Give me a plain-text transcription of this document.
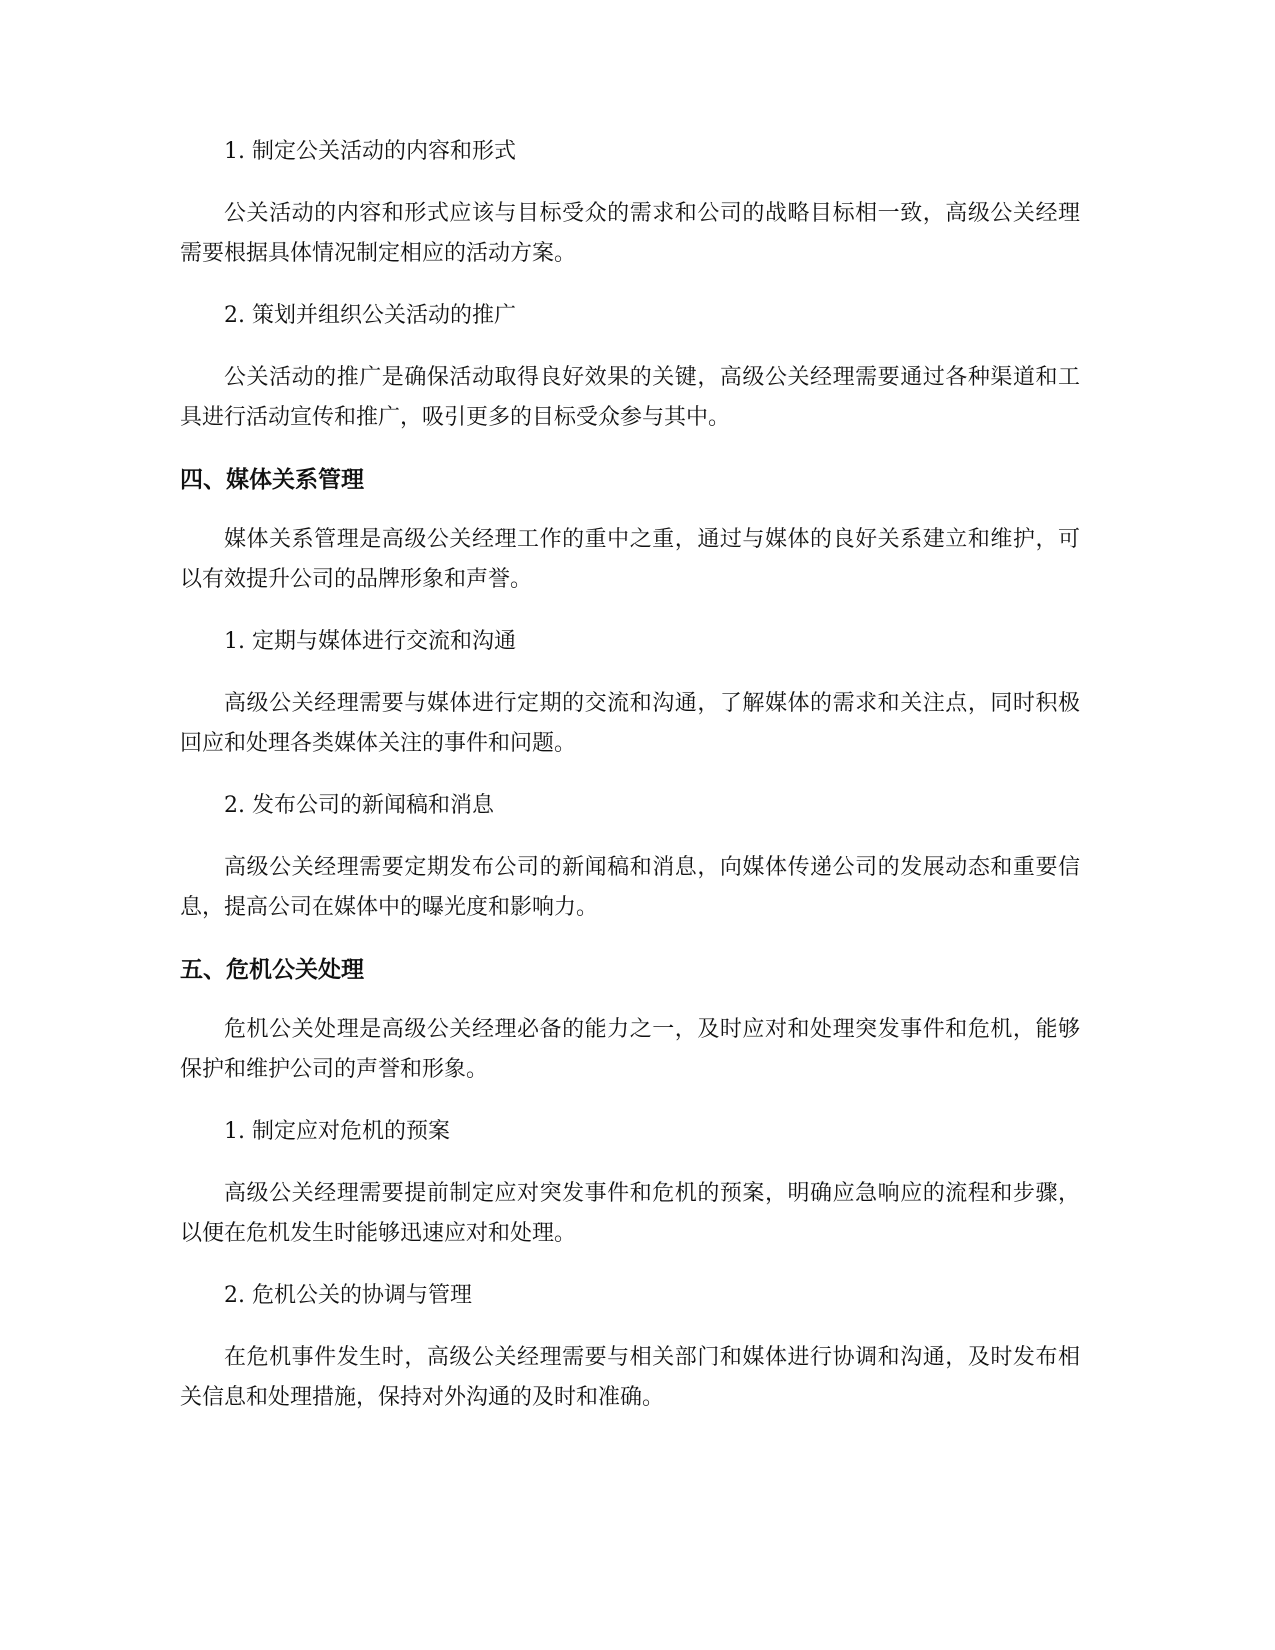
1. 制定公关活动的内容和形式

公关活动的内容和形式应该与目标受众的需求和公司的战略目标相一致，高级公关经理需要根据具体情况制定相应的活动方案。

2. 策划并组织公关活动的推广

公关活动的推广是确保活动取得良好效果的关键，高级公关经理需要通过各种渠道和工具进行活动宣传和推广，吸引更多的目标受众参与其中。

四、媒体关系管理

媒体关系管理是高级公关经理工作的重中之重，通过与媒体的良好关系建立和维护，可以有效提升公司的品牌形象和声誉。

1. 定期与媒体进行交流和沟通

高级公关经理需要与媒体进行定期的交流和沟通，了解媒体的需求和关注点，同时积极回应和处理各类媒体关注的事件和问题。

2. 发布公司的新闻稿和消息

高级公关经理需要定期发布公司的新闻稿和消息，向媒体传递公司的发展动态和重要信息，提高公司在媒体中的曝光度和影响力。

五、危机公关处理

危机公关处理是高级公关经理必备的能力之一，及时应对和处理突发事件和危机，能够保护和维护公司的声誉和形象。

1. 制定应对危机的预案

高级公关经理需要提前制定应对突发事件和危机的预案，明确应急响应的流程和步骤，以便在危机发生时能够迅速应对和处理。

2. 危机公关的协调与管理

在危机事件发生时，高级公关经理需要与相关部门和媒体进行协调和沟通，及时发布相关信息和处理措施，保持对外沟通的及时和准确。
